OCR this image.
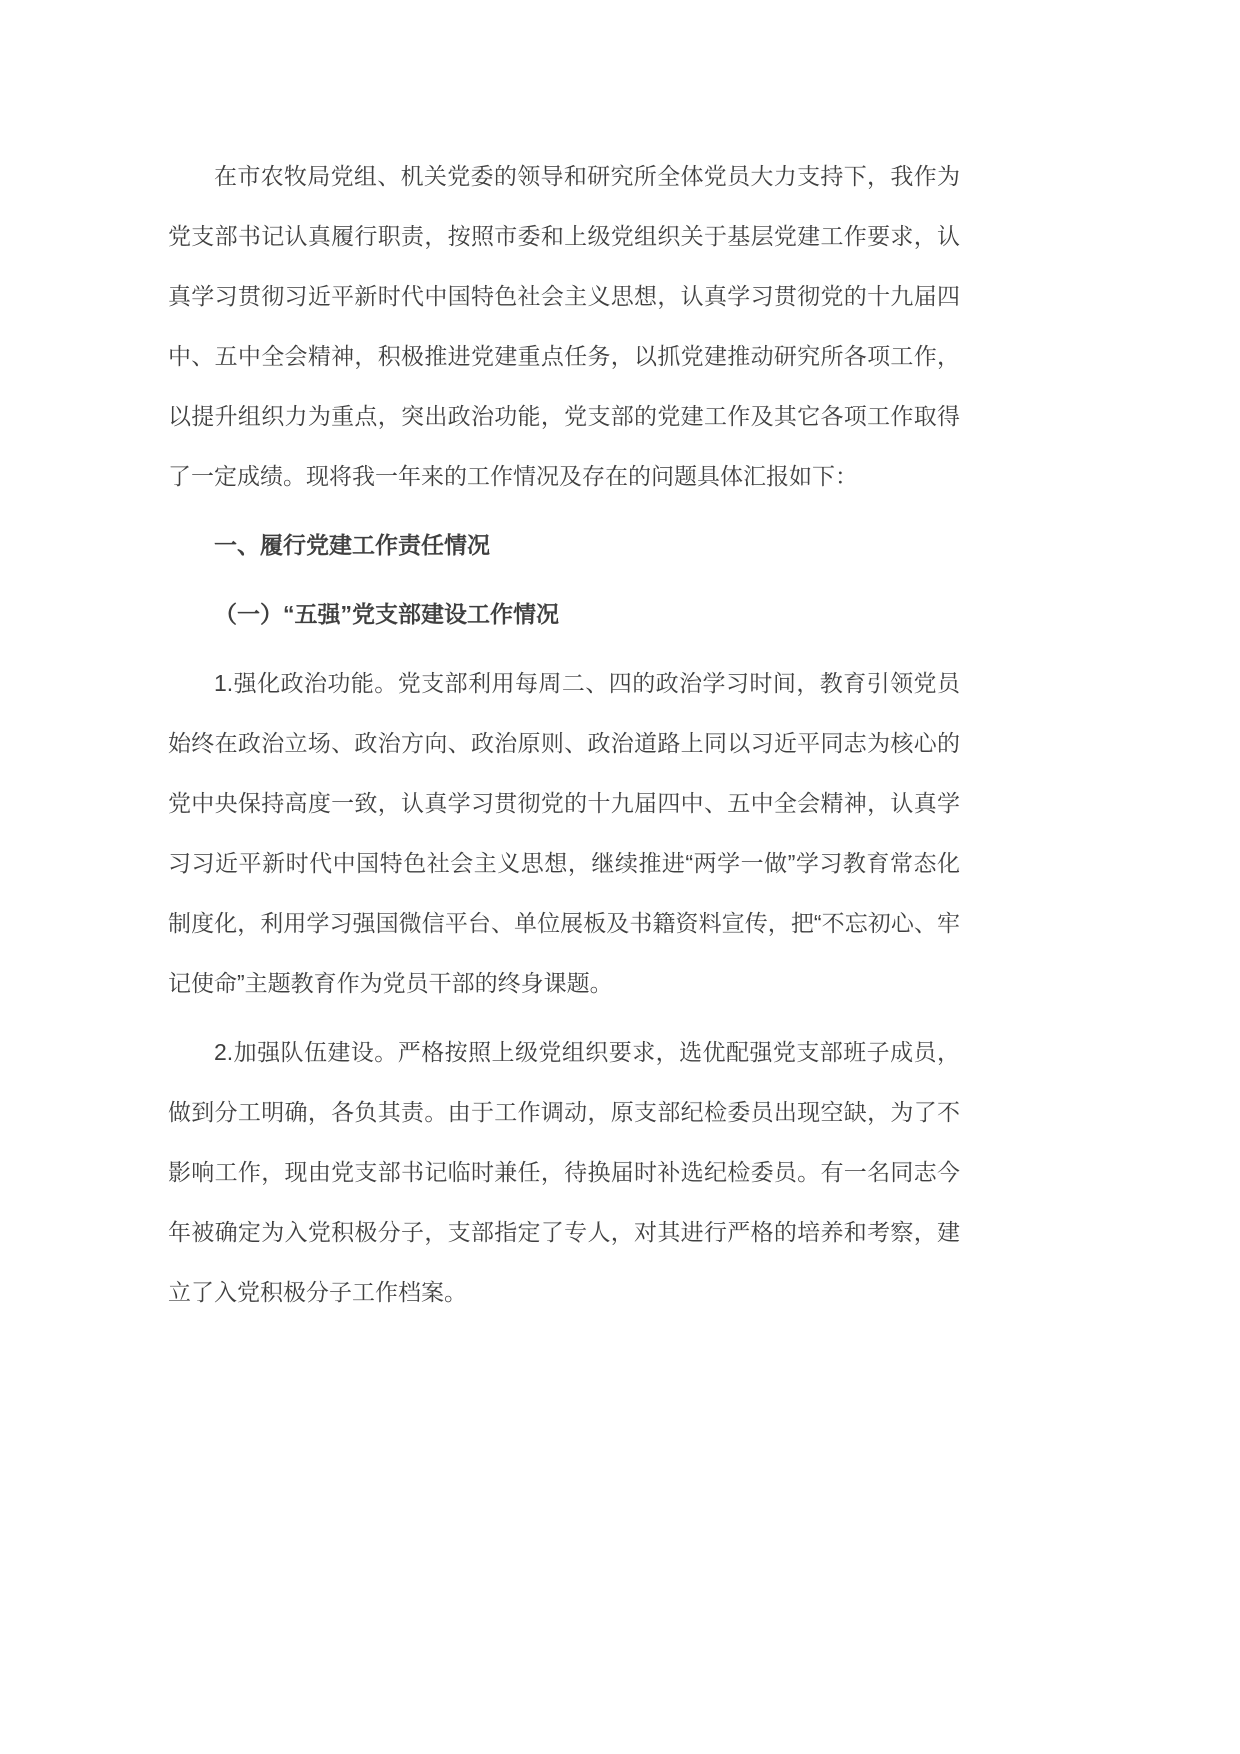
在市农牧局党组、机关党委的领导和研究所全体党员大力支持下，我作为党支部书记认真履行职责，按照市委和上级党组织关于基层党建工作要求，认真学习贯彻习近平新时代中国特色社会主义思想，认真学习贯彻党的十九届四中、五中全会精神，积极推进党建重点任务，以抓党建推动研究所各项工作，以提升组织力为重点，突出政治功能，党支部的党建工作及其它各项工作取得了一定成绩。现将我一年来的工作情况及存在的问题具体汇报如下：

一、履行党建工作责任情况
（一）“五强”党支部建设工作情况

1.强化政治功能。党支部利用每周二、四的政治学习时间，教育引领党员始终在政治立场、政治方向、政治原则、政治道路上同以习近平同志为核心的党中央保持高度一致，认真学习贯彻党的十九届四中、五中全会精神，认真学习习近平新时代中国特色社会主义思想，继续推进“两学一做”学习教育常态化制度化，利用学习强国微信平台、单位展板及书籍资料宣传，把“不忘初心、牢记使命”主题教育作为党员干部的终身课题。

2.加强队伍建设。严格按照上级党组织要求，选优配强党支部班子成员，做到分工明确，各负其责。由于工作调动，原支部纪检委员出现空缺，为了不影响工作，现由党支部书记临时兼任，待换届时补选纪检委员。有一名同志今年被确定为入党积极分子，支部指定了专人，对其进行严格的培养和考察，建立了入党积极分子工作档案。
